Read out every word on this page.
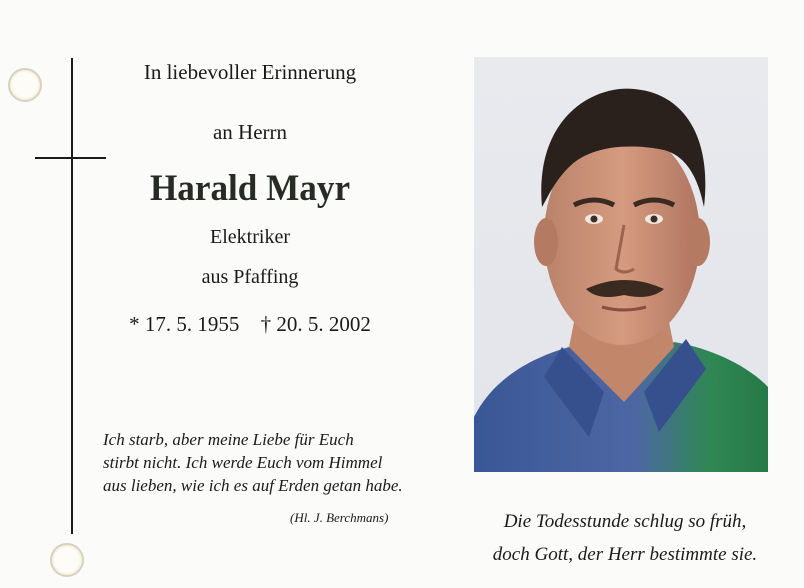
In liebevoller Erinnerung
an Herrn
Harald Mayr
Elektriker
aus Pfaffing
* 17. 5. 1955 † 20. 5. 2002
Ich starb, aber meine Liebe für Euch
stirbt nicht. Ich werde Euch vom Himmel
aus lieben, wie ich es auf Erden getan habe.
(Hl. J. Berchmans)	Die Todesstunde schlug so früh,
doch Gott, der Herr bestimmte sie.
